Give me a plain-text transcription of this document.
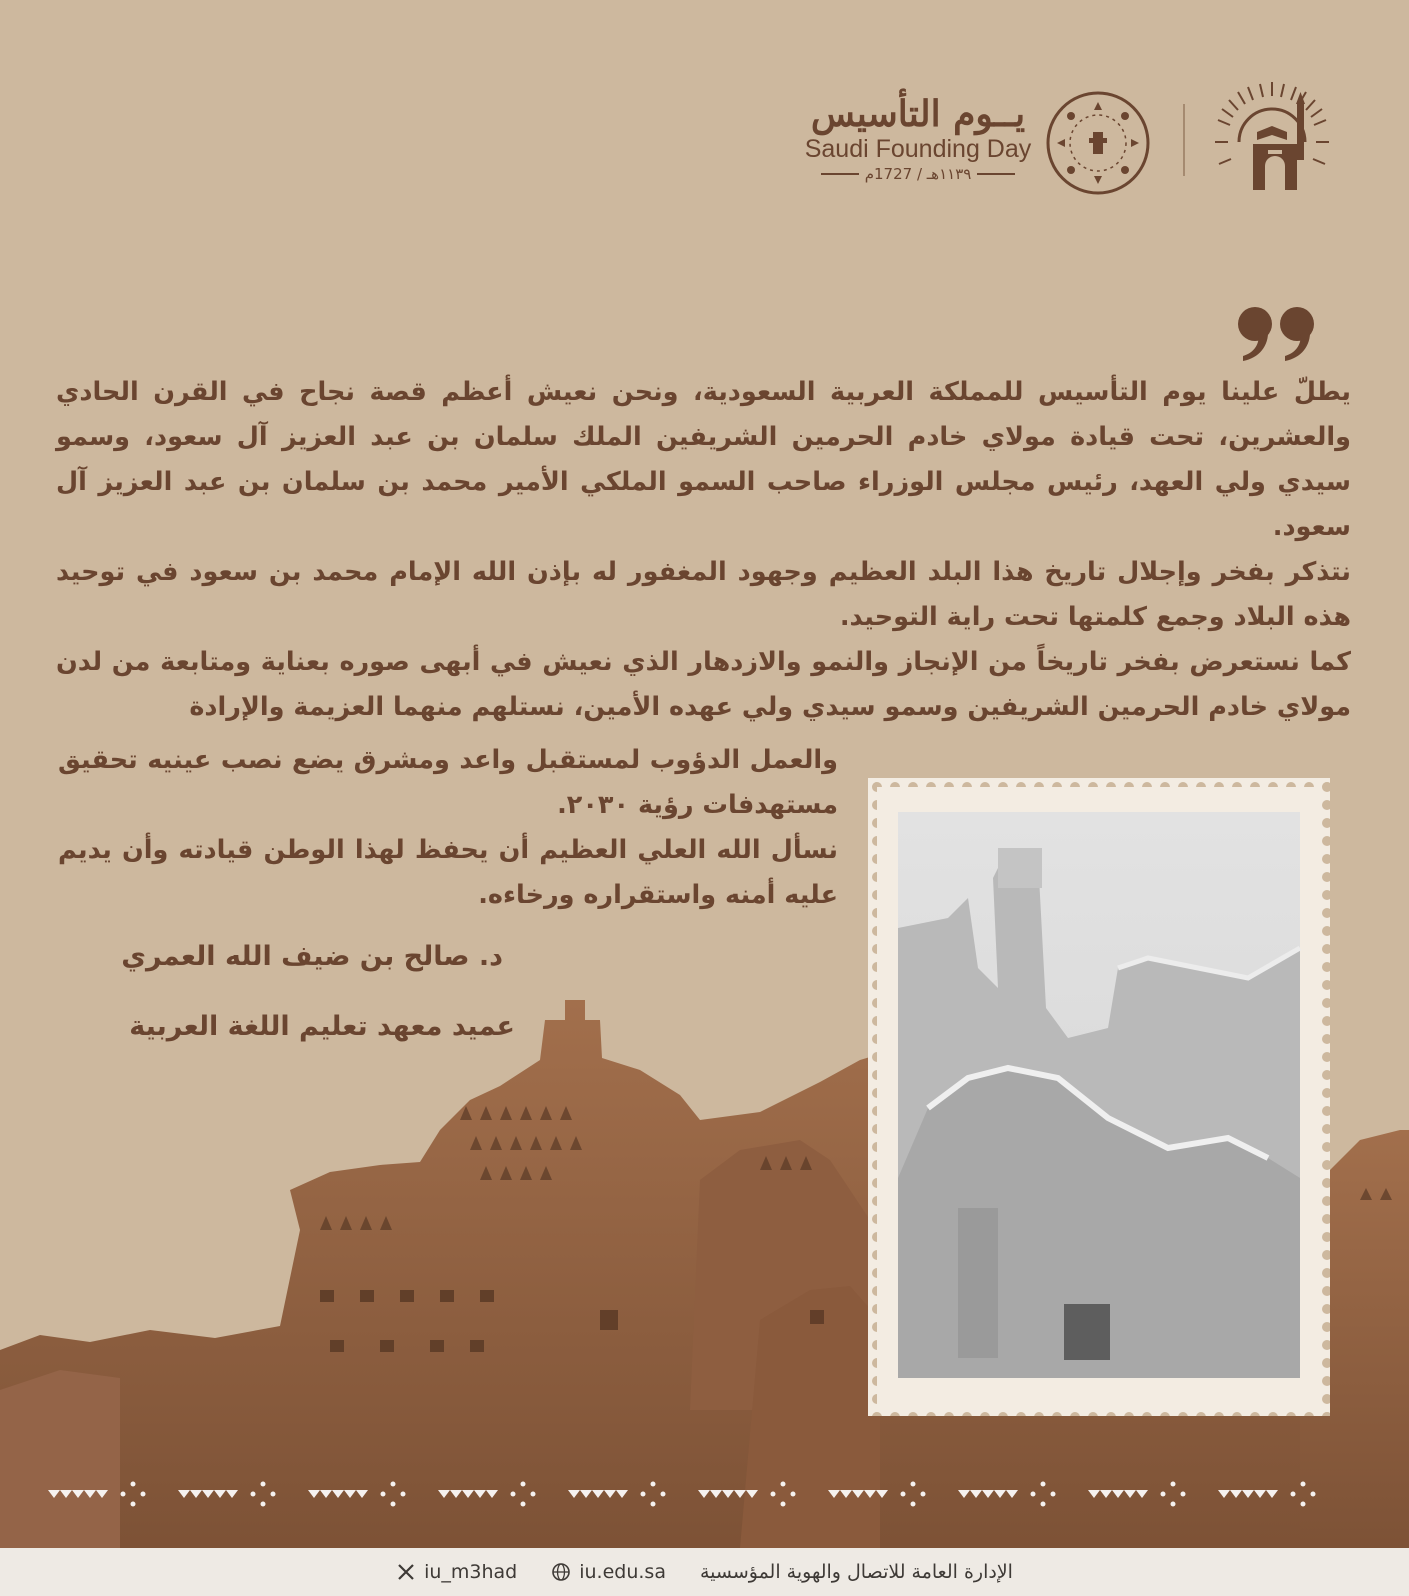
يــوم التأسيس
Saudi Founding Day
١١٣٩هـ / 1727م

يطلّ علينا يوم التأسيس للمملكة العربية السعودية، ونحن نعيش أعظم قصة نجاح في القرن الحادي والعشرين، تحت قيادة مولاي خادم الحرمين الشريفين الملك سلمان بن عبد العزيز آل سعود، وسمو سيدي ولي العهد، رئيس مجلس الوزراء صاحب السمو الملكي الأمير محمد بن سلمان بن عبد العزيز آل سعود.

نتذكر بفخر وإجلال تاريخ هذا البلد العظيم وجهود المغفور له بإذن الله الإمام محمد بن سعود في توحيد هذه البلاد وجمع كلمتها تحت راية التوحيد.

كما نستعرض بفخر تاريخاً من الإنجاز والنمو والازدهار الذي نعيش في أبهى صوره بعناية ومتابعة من لدن مولاي خادم الحرمين الشريفين وسمو سيدي ولي عهده الأمين، نستلهم منهما العزيمة والإرادة

والعمل الدؤوب لمستقبل واعد ومشرق يضع نصب عينيه تحقيق مستهدفات رؤية ٢٠٣٠.

نسأل الله العلي العظيم أن يحفظ لهذا الوطن قيادته وأن يديم عليه أمنه واستقراره ورخاءه.

د. صالح بن ضيف الله العمري
عميد معهد تعليم اللغة العربية
iu_m3had	iu.edu.sa الإدارة العامة للاتصال والهوية المؤسسية
